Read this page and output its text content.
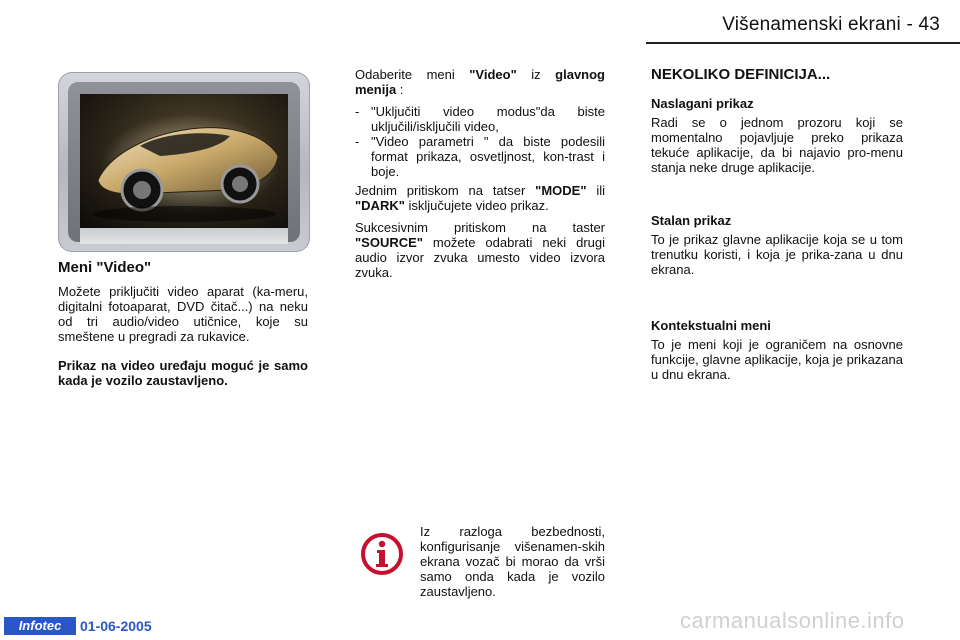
Višenamenski ekrani - 43

Meni "Video"

Možete priključiti video aparat (ka-meru, digitalni fotoaparat, DVD čitač...) na neku od tri audio/video utičnice, koje su smeštene u pregradi za rukavice.

Prikaz na video uređaju moguć je samo kada je vozilo zaustavljeno.

Odaberite meni "Video" iz glavnog menija :

- "Uključiti video modus"da biste uključili/isključili video,
- "Video parametri " da biste podesili format prikaza, osvetljnost, kon-trast i boje.

Jednim pritiskom na tatser "MODE" ili "DARK" isključujete video prikaz.

Sukcesivnim pritiskom na taster "SOURCE" možete odabrati neki drugi audio izvor zvuka umesto video izvora zvuka.

Iz razloga bezbednosti, konfigurisanje višenamen-skih ekrana vozač bi morao da vrši samo onda kada je vozilo zaustavljeno.

NEKOLIKO DEFINICIJA...

Naslagani prikaz

Radi se o jednom prozoru koji se momentalno pojavljuje preko prikaza tekuće aplikacije, da bi najavio pro-menu stanja neke druge aplikacije.

Stalan prikaz

To je prikaz glavne aplikacije koja se u tom trenutku koristi, i koja je prika-zana u dnu ekrana.

Kontekstualni meni

To je meni koji je ograničem na osnovne funkcije, glavne aplikacije, koja je prikazana u dnu ekrana.

Infotec	01-06-2005	carmanualsonline.info
